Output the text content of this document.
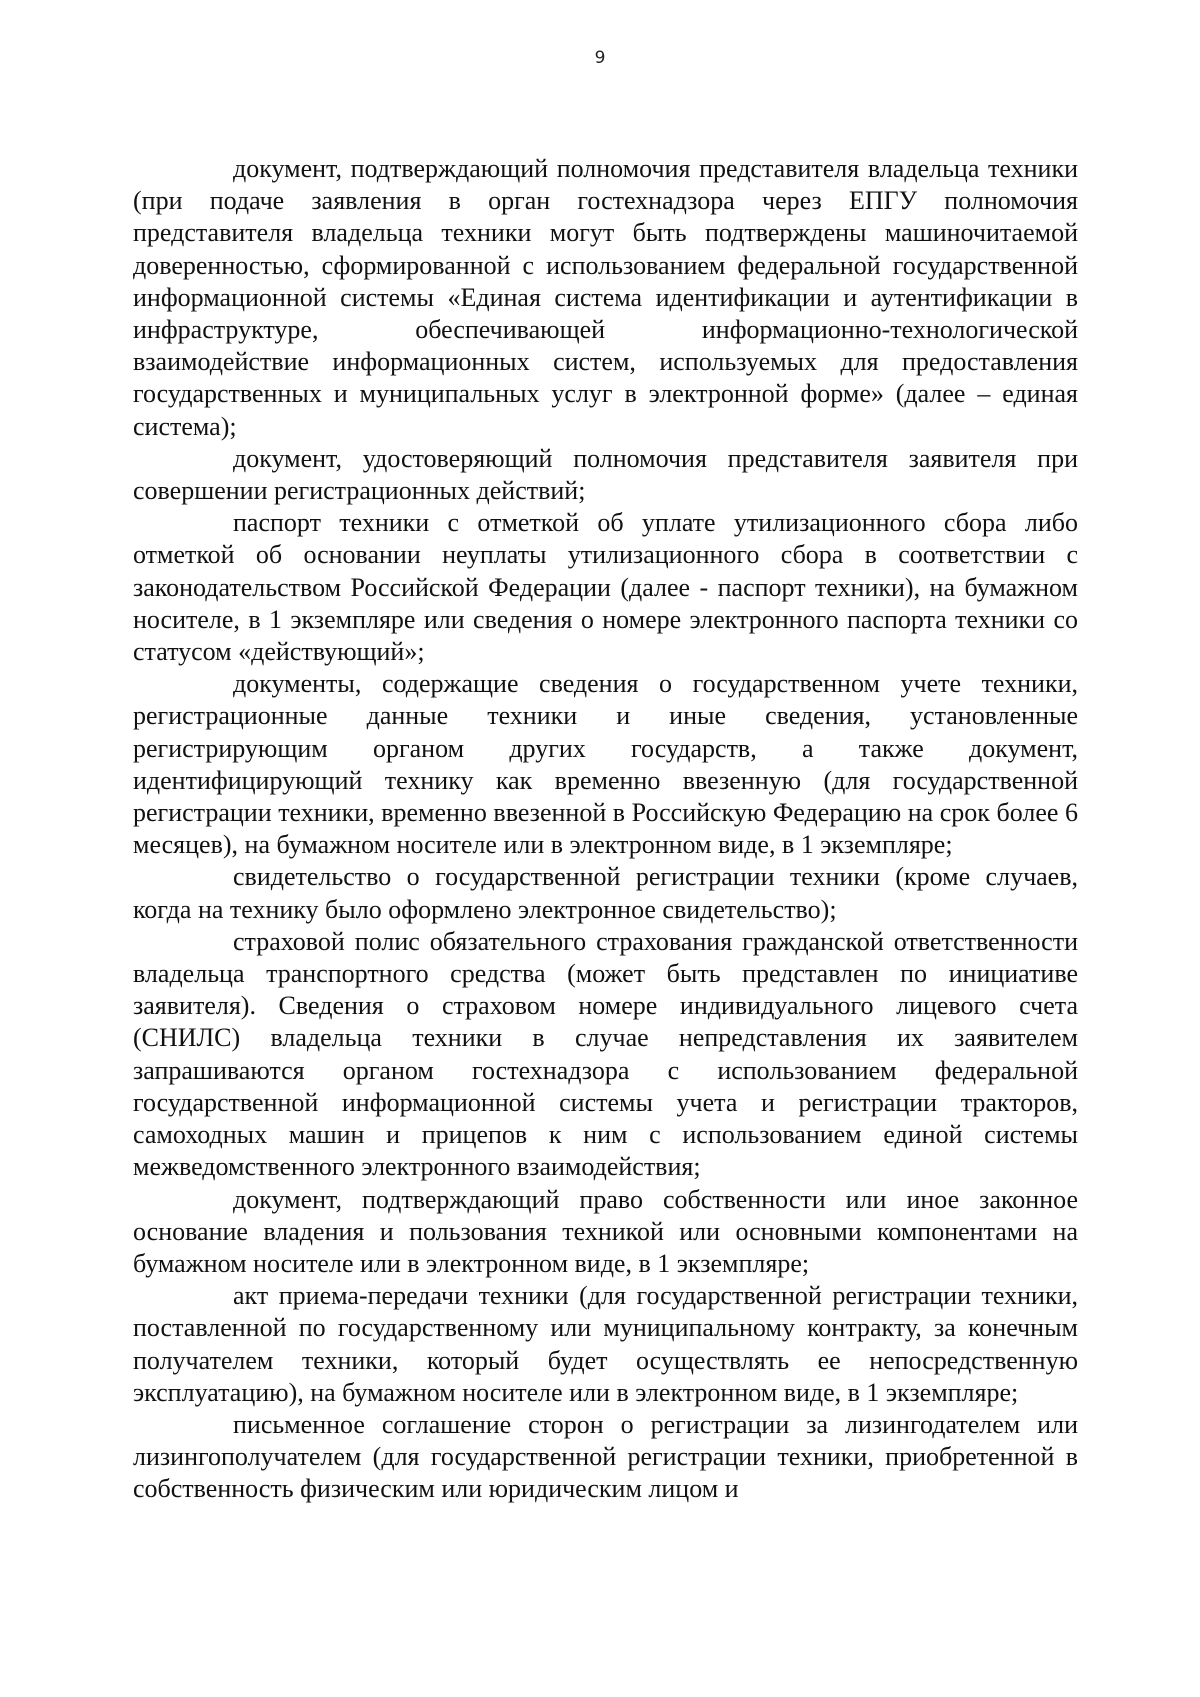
9

документ, подтверждающий полномочия представителя владельца техники (при подаче заявления в орган гостехнадзора через ЕПГУ полномочия представителя владельца техники могут быть подтверждены машиночитаемой доверенностью, сформированной с использованием федеральной государственной информационной системы «Единая система идентификации и аутентификации в инфраструктуре, обеспечивающей информационно-технологической взаимодействие информационных систем, используемых для предоставления государственных и муниципальных услуг в электронной форме» (далее – единая система);

документ, удостоверяющий полномочия представителя заявителя при совершении регистрационных действий;

паспорт техники с отметкой об уплате утилизационного сбора либо отметкой об основании неуплаты утилизационного сбора в соответствии с законодательством Российской Федерации (далее - паспорт техники), на бумажном носителе, в 1 экземпляре или сведения о номере электронного паспорта техники со статусом «действующий»;

документы, содержащие сведения о государственном учете техники, регистрационные данные техники и иные сведения, установленные регистрирующим органом других государств, а также документ, идентифицирующий технику как временно ввезенную (для государственной регистрации техники, временно ввезенной в Российскую Федерацию на срок более 6 месяцев), на бумажном носителе или в электронном виде, в 1 экземпляре;

свидетельство о государственной регистрации техники (кроме случаев, когда на технику было оформлено электронное свидетельство);

страховой полис обязательного страхования гражданской ответственности владельца транспортного средства (может быть представлен по инициативе заявителя). Сведения о страховом номере индивидуального лицевого счета (СНИЛС) владельца техники в случае непредставления их заявителем запрашиваются органом гостехнадзора с использованием федеральной государственной информационной системы учета и регистрации тракторов, самоходных машин и прицепов к ним с использованием единой системы межведомственного электронного взаимодействия;

документ, подтверждающий право собственности или иное законное основание владения и пользования техникой или основными компонентами на бумажном носителе или в электронном виде, в 1 экземпляре;

акт приема-передачи техники (для государственной регистрации техники, поставленной по государственному или муниципальному контракту, за конечным получателем техники, который будет осуществлять ее непосредственную эксплуатацию), на бумажном носителе или в электронном виде, в 1 экземпляре;

письменное соглашение сторон о регистрации за лизингодателем или лизингополучателем (для государственной регистрации техники, приобретенной в собственность физическим или юридическим лицом и
